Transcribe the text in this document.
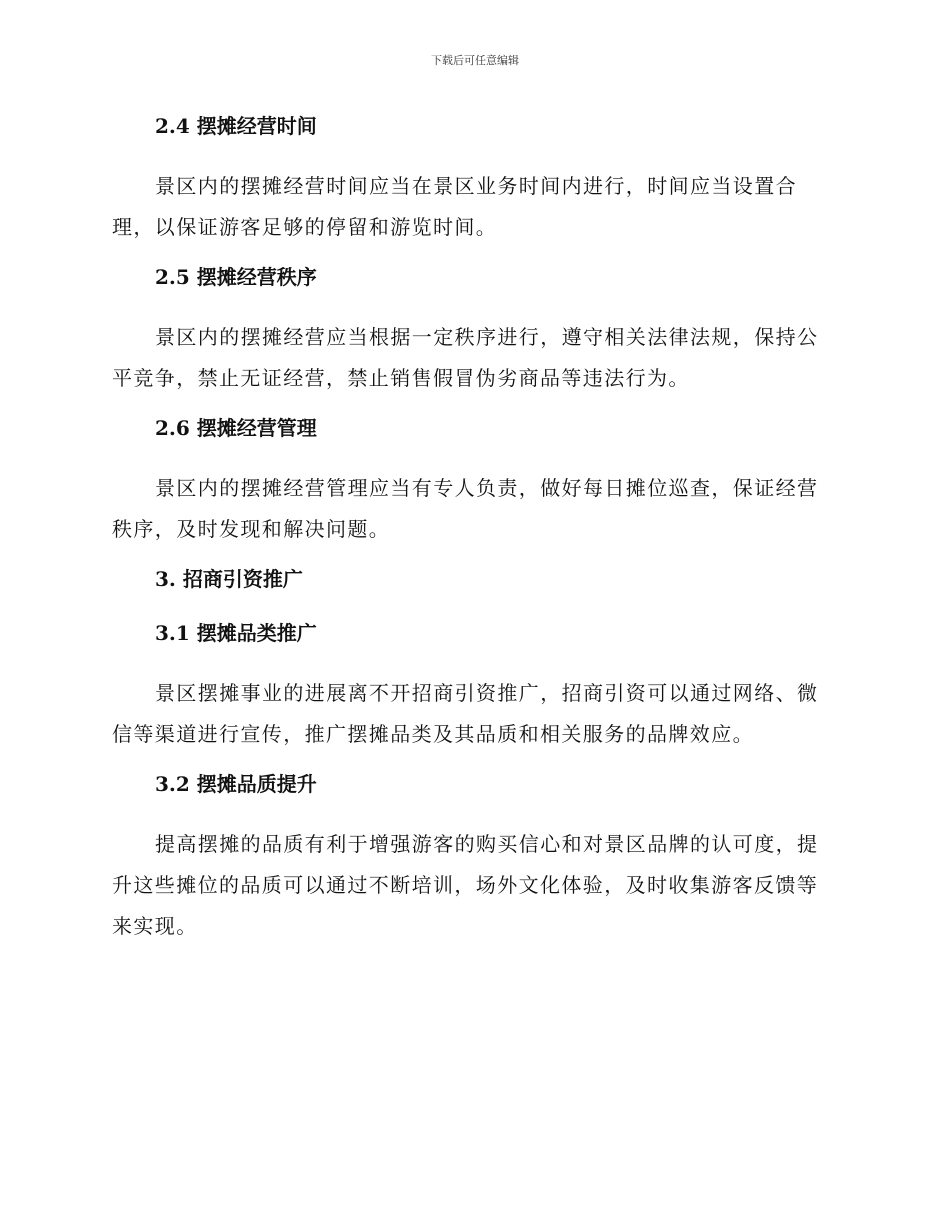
下载后可任意编辑
2.4 摆摊经营时间

景区内的摆摊经营时间应当在景区业务时间内进行，时间应当设置合理，以保证游客足够的停留和游览时间。

2.5 摆摊经营秩序

景区内的摆摊经营应当根据一定秩序进行，遵守相关法律法规，保持公平竞争，禁止无证经营，禁止销售假冒伪劣商品等违法行为。

2.6 摆摊经营管理

景区内的摆摊经营管理应当有专人负责，做好每日摊位巡查，保证经营秩序，及时发现和解决问题。

3. 招商引资推广
3.1 摆摊品类推广

景区摆摊事业的进展离不开招商引资推广，招商引资可以通过网络、微信等渠道进行宣传，推广摆摊品类及其品质和相关服务的品牌效应。

3.2 摆摊品质提升

提高摆摊的品质有利于增强游客的购买信心和对景区品牌的认可度，提升这些摊位的品质可以通过不断培训，场外文化体验，及时收集游客反馈等来实现。
